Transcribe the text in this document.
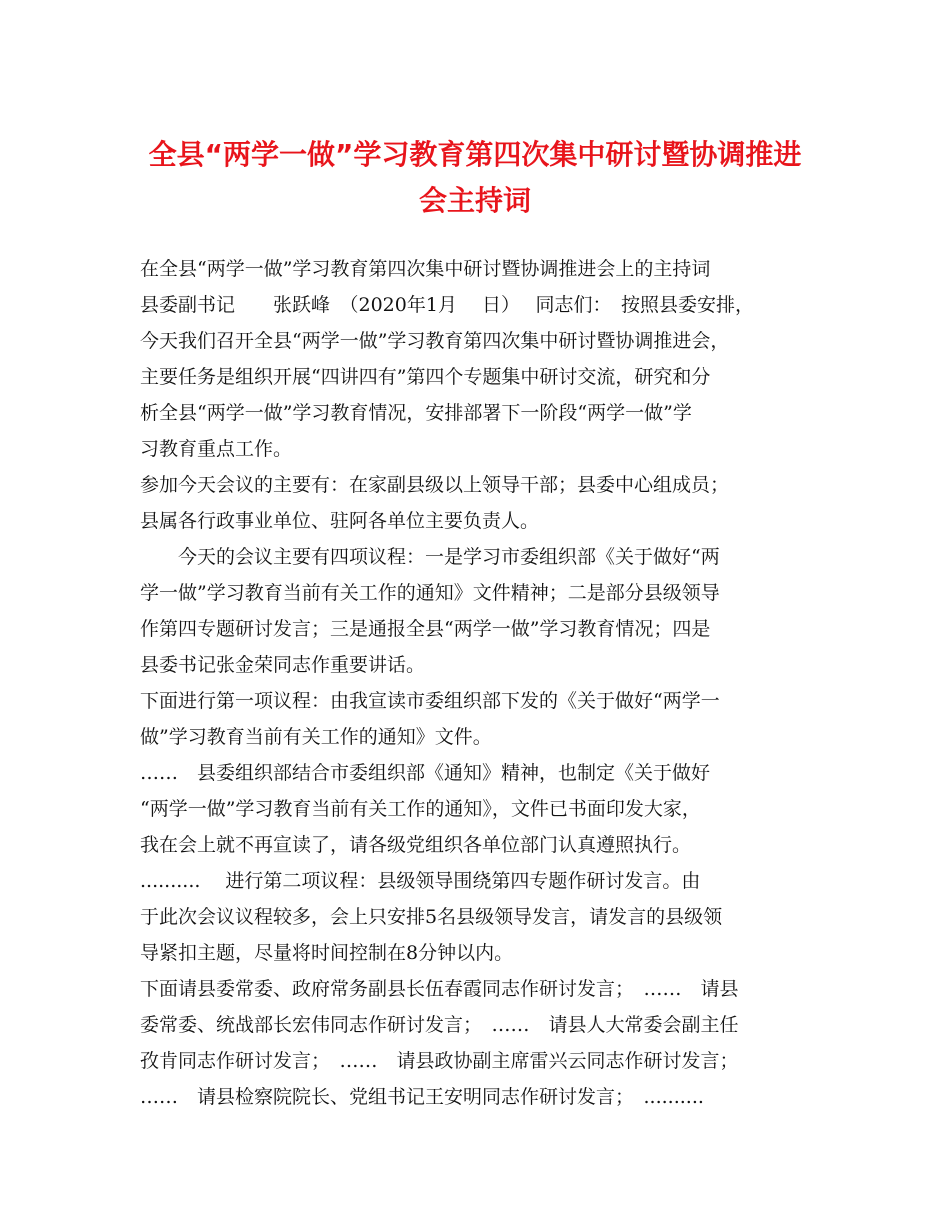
全县“两学一做”学习教育第四次集中研讨暨协调推进
会主持词
在全县“两学一做”学习教育第四次集中研讨暨协调推进会上的主持词
县委副书记　　张跃峰　（2020年1月　 日）　 同志们：　按照县委安排，
今天我们召开全县“两学一做”学习教育第四次集中研讨暨协调推进会，
主要任务是组织开展“四讲四有”第四个专题集中研讨交流，研究和分
析全县“两学一做”学习教育情况，安排部署下一阶段“两学一做”学
习教育重点工作。
参加今天会议的主要有：在家副县级以上领导干部；县委中心组成员；
县属各行政事业单位、驻阿各单位主要负责人。
　　今天的会议主要有四项议程：一是学习市委组织部《关于做好“两
学一做”学习教育当前有关工作的通知》文件精神；二是部分县级领导
作第四专题研讨发言；三是通报全县“两学一做”学习教育情况；四是
县委书记张金荣同志作重要讲话。
下面进行第一项议程：由我宣读市委组织部下发的《关于做好“两学一
做”学习教育当前有关工作的通知》文件。
……　县委组织部结合市委组织部《通知》精神，也制定《关于做好
“两学一做”学习教育当前有关工作的通知》，文件已书面印发大家，
我在会上就不再宣读了，请各级党组织各单位部门认真遵照执行。
..........　 进行第二项议程：县级领导围绕第四专题作研讨发言。由
于此次会议议程较多，会上只安排5名县级领导发言，请发言的县级领
导紧扣主题，尽量将时间控制在8分钟以内。
下面请县委常委、政府常务副县长伍春霞同志作研讨发言；　……　请县
委常委、统战部长宏伟同志作研讨发言；　……　请县人大常委会副主任
孜肯同志作研讨发言；　……　请县政协副主席雷兴云同志作研讨发言；
……　请县检察院院长、党组书记王安明同志作研讨发言；　..........
